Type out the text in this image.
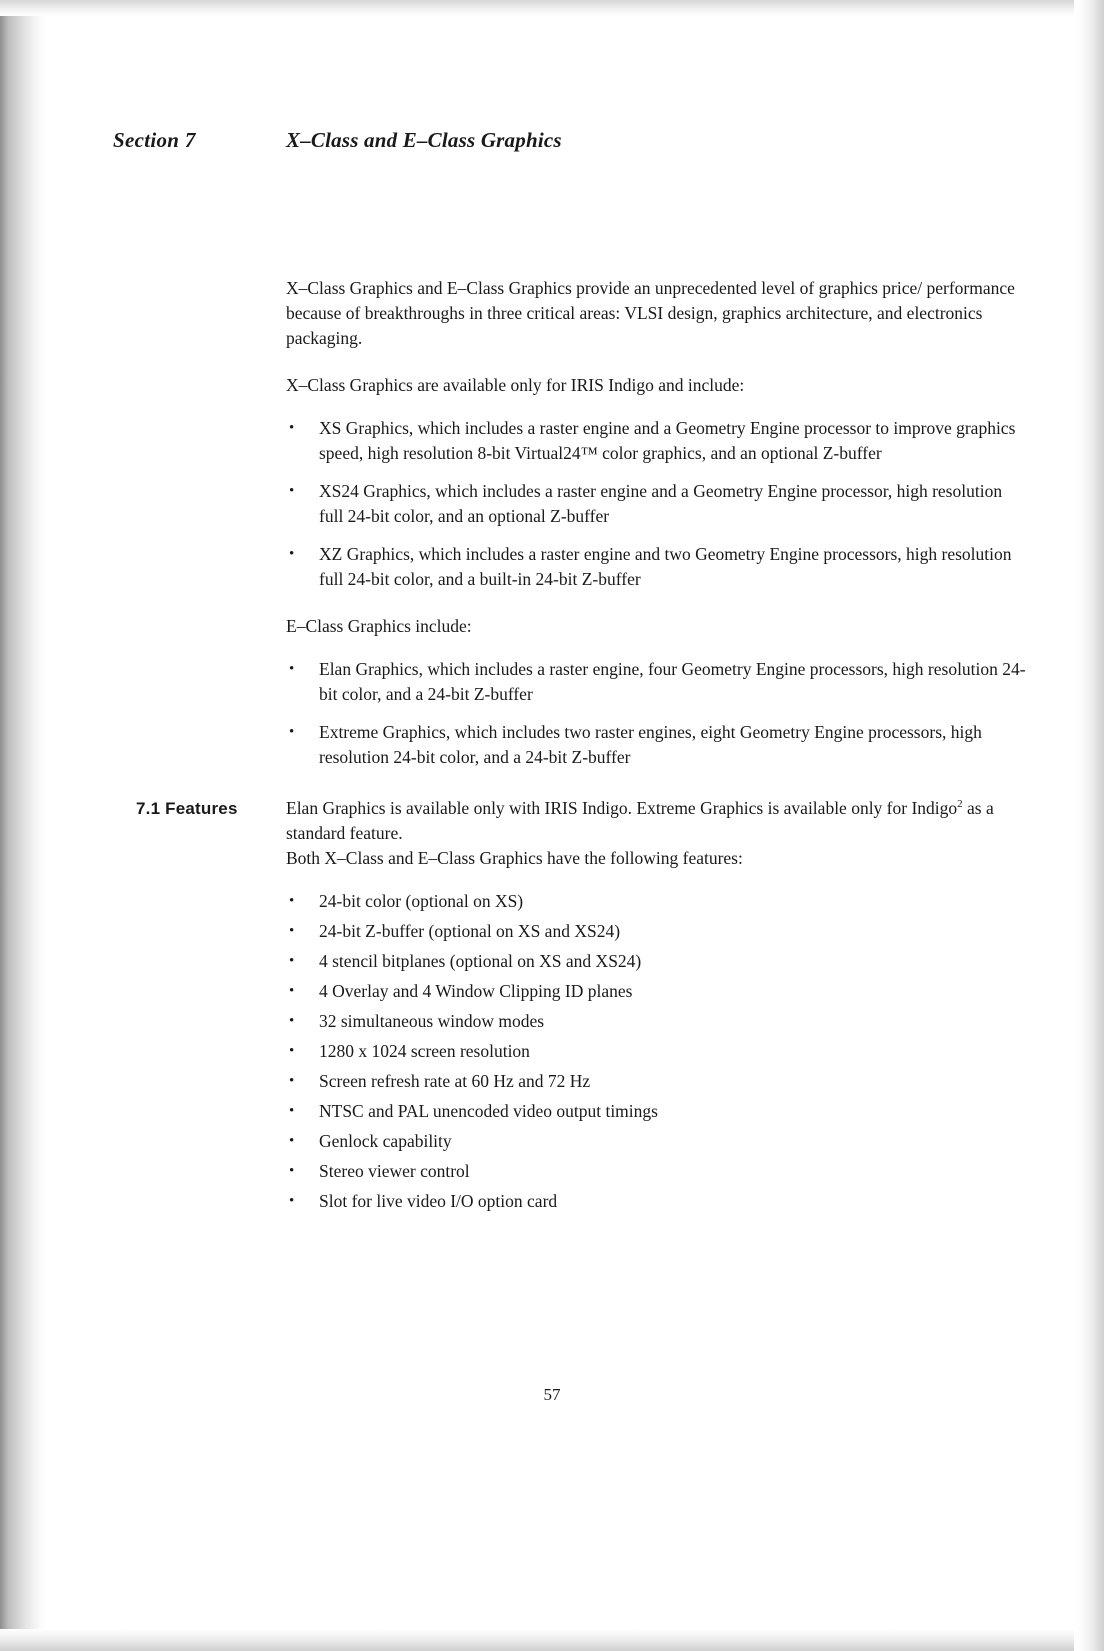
Section 7	X–Class and E–Class Graphics

X–Class Graphics and E–Class Graphics provide an unprecedented level of graphics price/ performance because of breakthroughs in three critical areas: VLSI design, graphics architecture, and electronics packaging.

X–Class Graphics are available only for IRIS Indigo and include:

• XS Graphics, which includes a raster engine and a Geometry Engine processor to improve graphics speed, high resolution 8-bit Virtual24™ color graphics, and an optional Z-buffer
• XS24 Graphics, which includes a raster engine and a Geometry Engine processor, high resolution full 24-bit color, and an optional Z-buffer
• XZ Graphics, which includes a raster engine and two Geometry Engine processors, high resolution full 24-bit color, and a built-in 24-bit Z-buffer

E–Class Graphics include:

• Elan Graphics, which includes a raster engine, four Geometry Engine processors, high resolution 24-bit color, and a 24-bit Z-buffer
• Extreme Graphics, which includes two raster engines, eight Geometry Engine processors, high resolution 24-bit color, and a 24-bit Z-buffer

Elan Graphics is available only with IRIS Indigo. Extreme Graphics is available only for Indigo$^2$ as a standard feature.

7.1 Features

Both X–Class and E–Class Graphics have the following features:

• 24-bit color (optional on XS)
• 24-bit Z-buffer (optional on XS and XS24)
• 4 stencil bitplanes (optional on XS and XS24)
• 4 Overlay and 4 Window Clipping ID planes
• 32 simultaneous window modes
• 1280 x 1024 screen resolution
• Screen refresh rate at 60 Hz and 72 Hz
• NTSC and PAL unencoded video output timings
• Genlock capability
• Stereo viewer control
• Slot for live video I/O option card
57
